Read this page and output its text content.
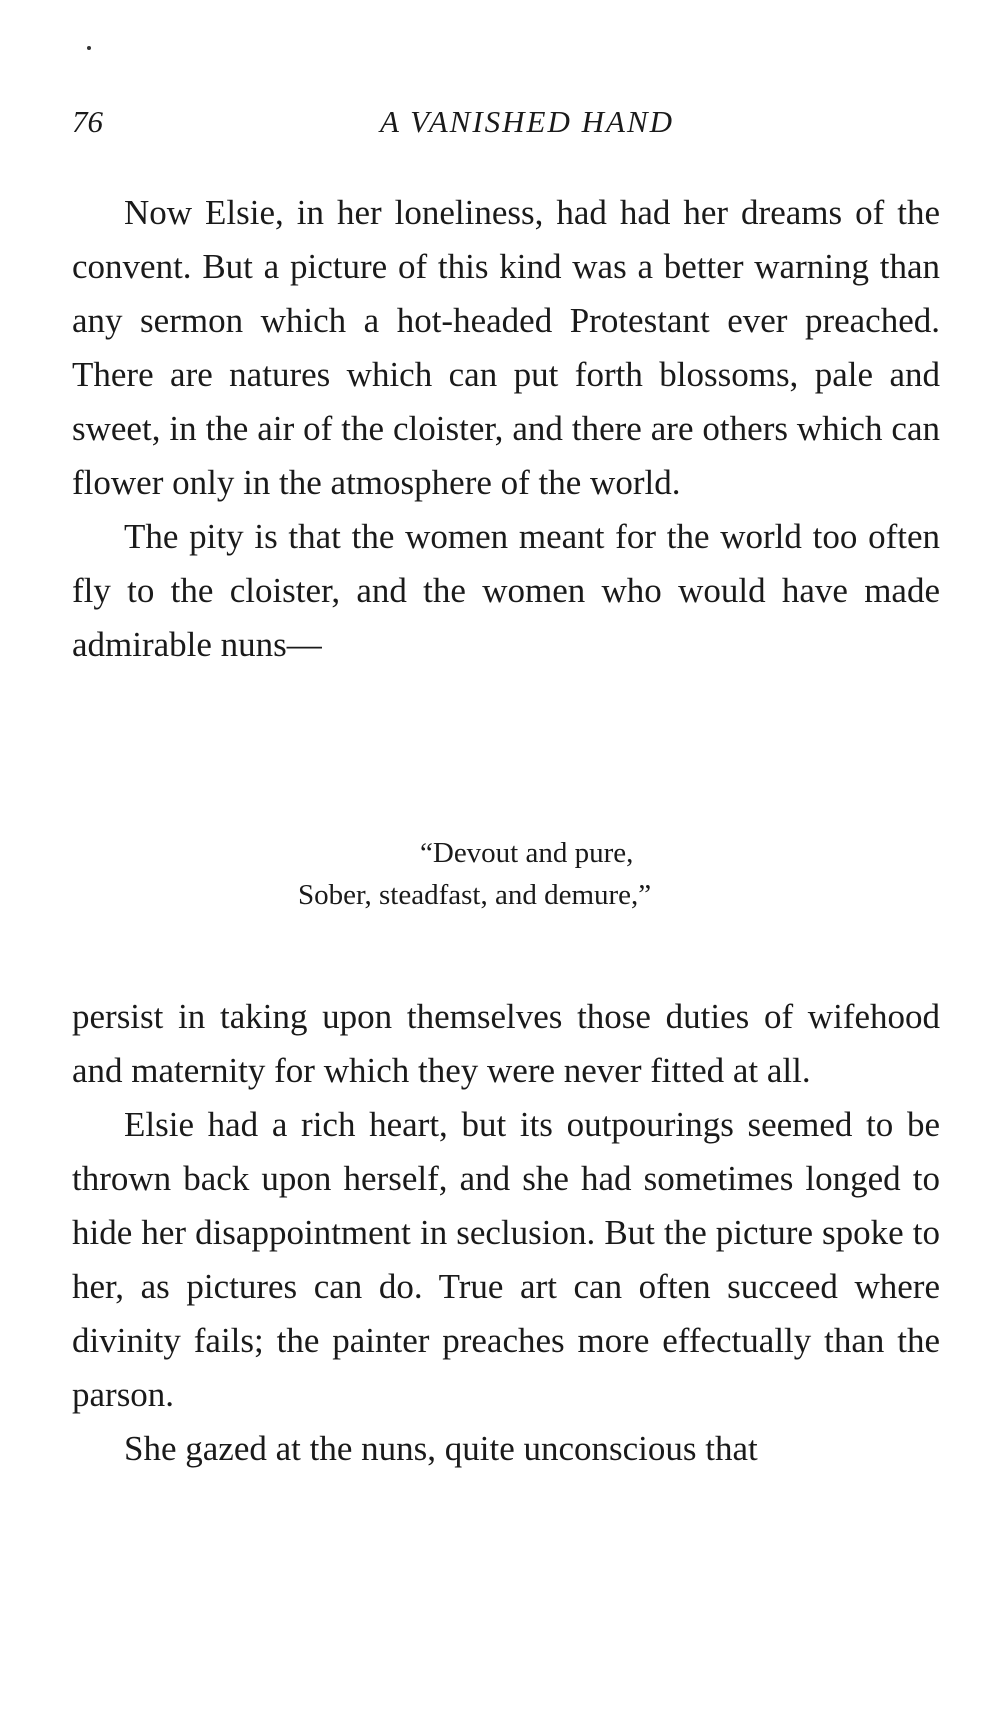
76	A VANISHED HAND

Now Elsie, in her loneliness, had had her dreams of the convent. But a picture of this kind was a better warning than any sermon which a hot-headed Protestant ever preached. There are natures which can put forth blossoms, pale and sweet, in the air of the cloister, and there are others which can flower only in the atmosphere of the world.

The pity is that the women meant for the world too often fly to the cloister, and the women who would have made admirable nuns—

“Devout and pure,
Sober, steadfast, and demure,”

persist in taking upon themselves those duties of wifehood and maternity for which they were never fitted at all.

Elsie had a rich heart, but its outpourings seemed to be thrown back upon herself, and she had sometimes longed to hide her disappointment in seclusion. But the picture spoke to her, as pictures can do. True art can often succeed where divinity fails; the painter preaches more effectually than the parson.

She gazed at the nuns, quite unconscious that
